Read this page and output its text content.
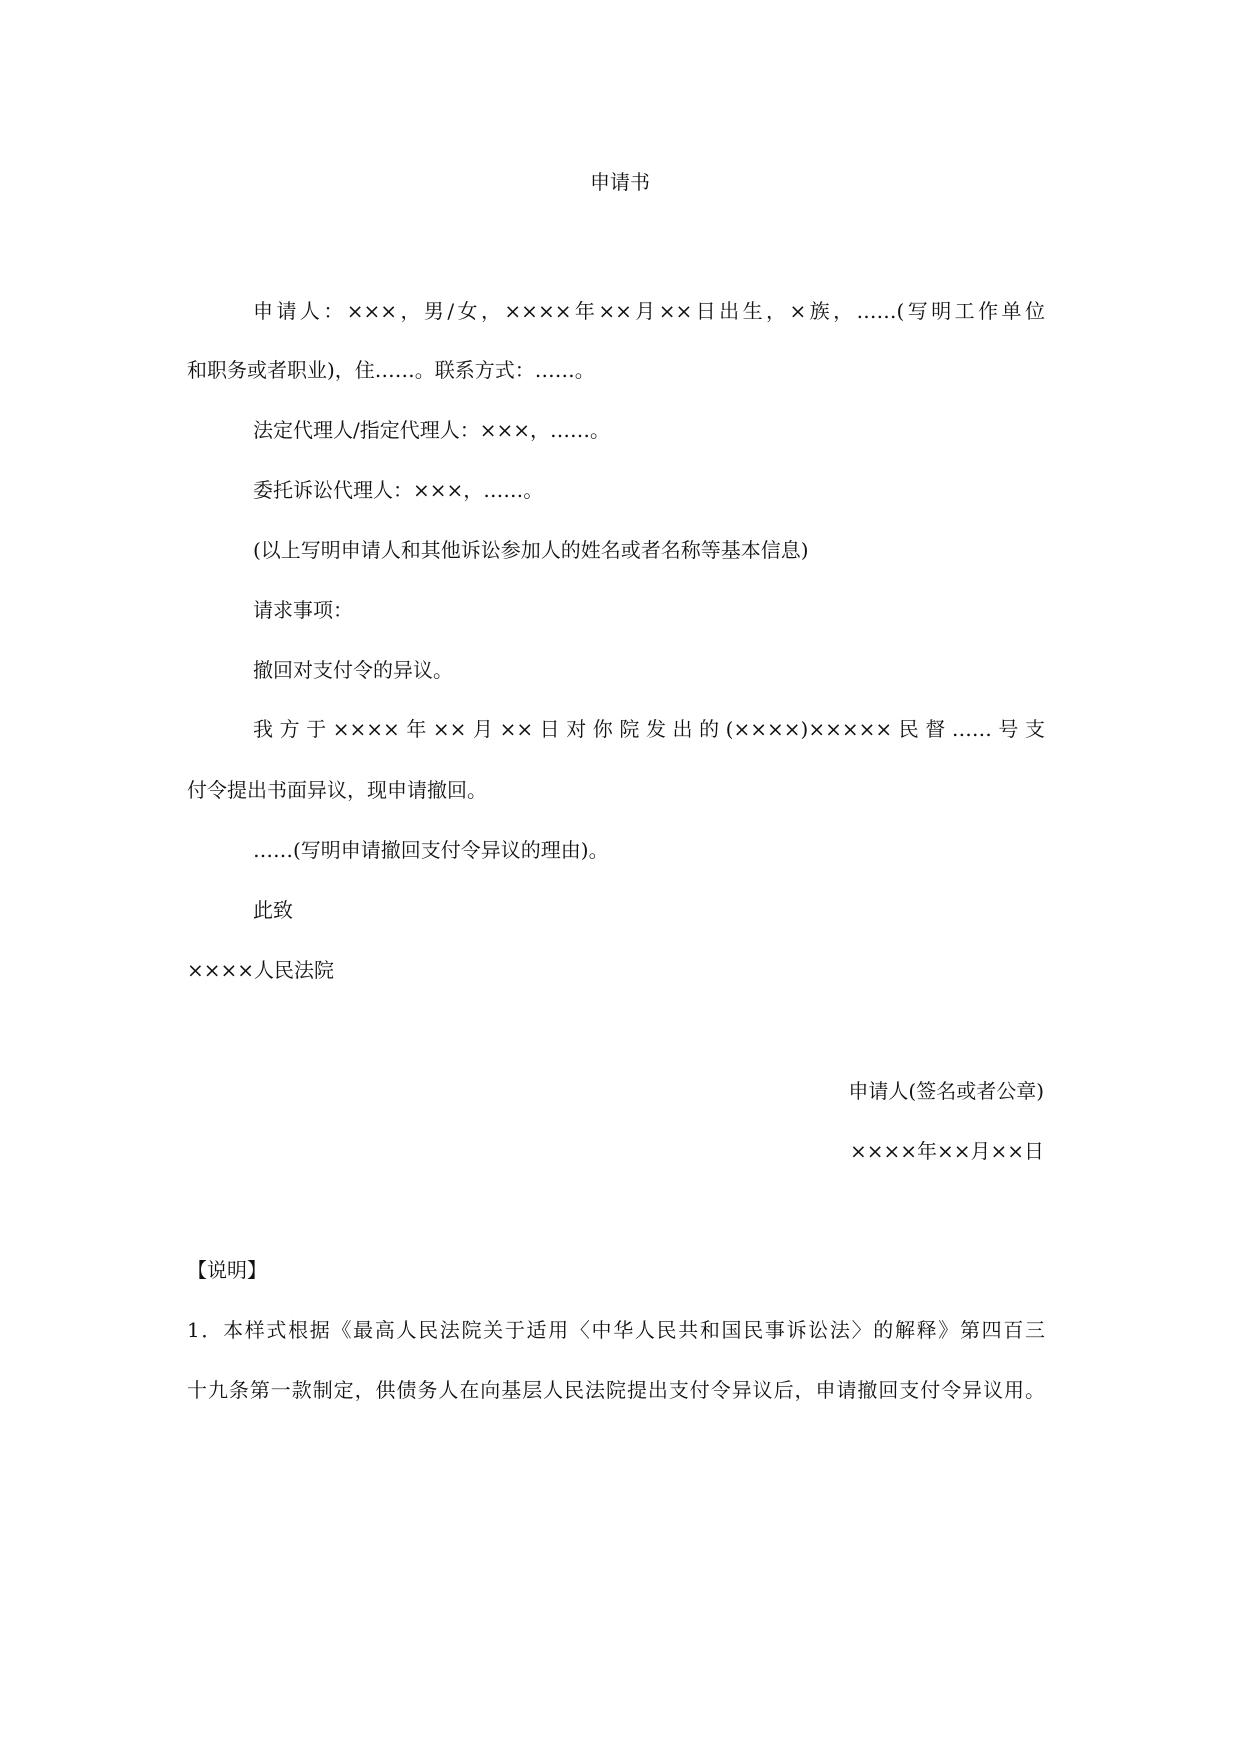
申请书
申请人：×××，男/女，××××年××月××日出生，×族，……(写明工作单位
和职务或者职业)，住……。联系方式：……。
法定代理人/指定代理人：×××，……。
委托诉讼代理人：×××，……。
(以上写明申请人和其他诉讼参加人的姓名或者名称等基本信息)
请求事项：
撤回对支付令的异议。
我方于××××年××月××日对你院发出的(××××)×××××民督……号支
付令提出书面异议，现申请撤回。
……(写明申请撤回支付令异议的理由)。
此致
××××人民法院
申请人(签名或者公章)
××××年××月××日
【说明】
1．本样式根据《最高人民法院关于适用〈中华人民共和国民事诉讼法〉的解释》第四百三
十九条第一款制定，供债务人在向基层人民法院提出支付令异议后，申请撤回支付令异议用。
